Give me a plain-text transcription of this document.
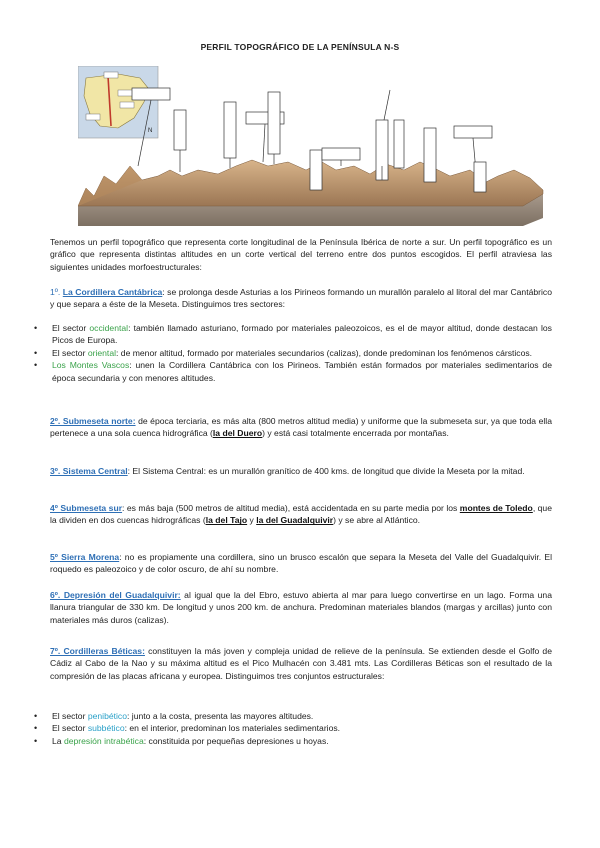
PERFIL TOPOGRÁFICO DE LA PENÍNSULA N-S
N
Tenemos un perfil topográfico que representa corte longitudinal de la Península Ibérica de norte a sur. Un perfil topográfico es un gráfico que representa distintas altitudes en un corte vertical del terreno entre dos puntos escogidos. El perfil atraviesa las siguientes unidades morfoestructurales:
1º. La Cordillera Cantábrica: se prolonga desde Asturias a los Pirineos formando un murallón paralelo al litoral del mar Cantábrico y que separa a éste de la Meseta. Distinguimos tres sectores:
• El sector occidental: también llamado asturiano, formado por materiales paleozoicos, es el de mayor altitud, donde destacan los Picos de Europa.
• El sector oriental: de menor altitud, formado por materiales secundarios (calizas), donde predominan los fenómenos cársticos.
• Los Montes Vascos: unen la Cordillera Cantábrica con los Pirineos. También están formados por materiales sedimentarios de época secundaria y con menores altitudes.
2º. Submeseta norte: de época terciaria, es más alta (800 metros altitud media) y uniforme que la submeseta sur, ya que toda ella pertenece a una sola cuenca hidrográfica (la del Duero) y está casi totalmente encerrada por montañas.
3º. Sistema Central: El Sistema Central: es un murallón granítico de 400 kms. de longitud que divide la Meseta por la mitad.
4º Submeseta sur: es más baja (500 metros de altitud media), está accidentada en su parte media por los montes de Toledo, que la dividen en dos cuencas hidrográficas (la del Tajo y la del Guadalquivir) y se abre al Atlántico.
5º Sierra Morena: no es propiamente una cordillera, sino un brusco escalón que separa la Meseta del Valle del Guadalquivir. El roquedo es paleozoico y de color oscuro, de ahí su nombre.
6º. Depresión del Guadalquivir: al igual que la del Ebro, estuvo abierta al mar para luego convertirse en un lago. Forma una llanura triangular de 330 km. De longitud y unos 200 km. de anchura. Predominan materiales blandos (margas y arcillas) junto con materiales más duros (calizas).
7º. Cordilleras Béticas: constituyen la más joven y compleja unidad de relieve de la península. Se extienden desde el Golfo de Cádiz al Cabo de la Nao y su máxima altitud es el Pico Mulhacén con 3.481 mts. Las Cordilleras Béticas son el resultado de la compresión de las placas africana y europea. Distinguimos tres conjuntos estructurales:
• El sector penibético: junto a la costa, presenta las mayores altitudes.
• El sector subbético: en el interior, predominan los materiales sedimentarios.
• La depresión intrabética: constituida por pequeñas depresiones u hoyas.
